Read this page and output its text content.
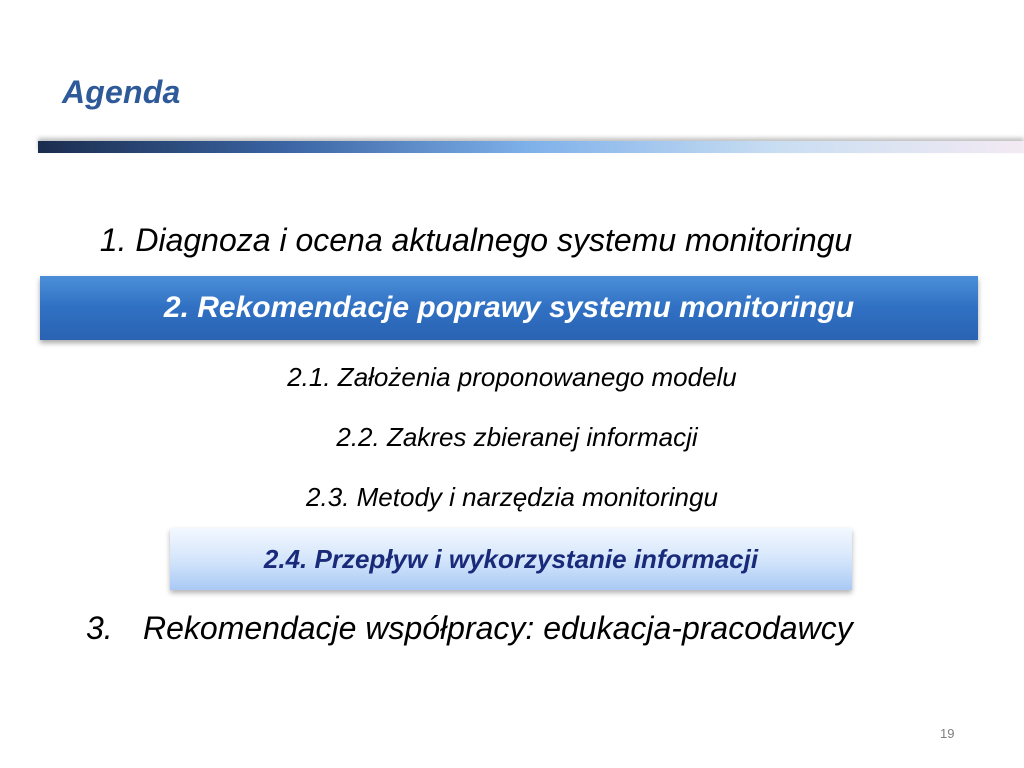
Agenda
1. Diagnoza i ocena aktualnego systemu monitoringu
2. Rekomendacje poprawy systemu monitoringu
2.1. Założenia proponowanego modelu
2.2. Zakres zbieranej informacji
2.3. Metody i narzędzia monitoringu
2.4. Przepływ i wykorzystanie informacji
3. Rekomendacje współpracy: edukacja-pracodawcy
19
